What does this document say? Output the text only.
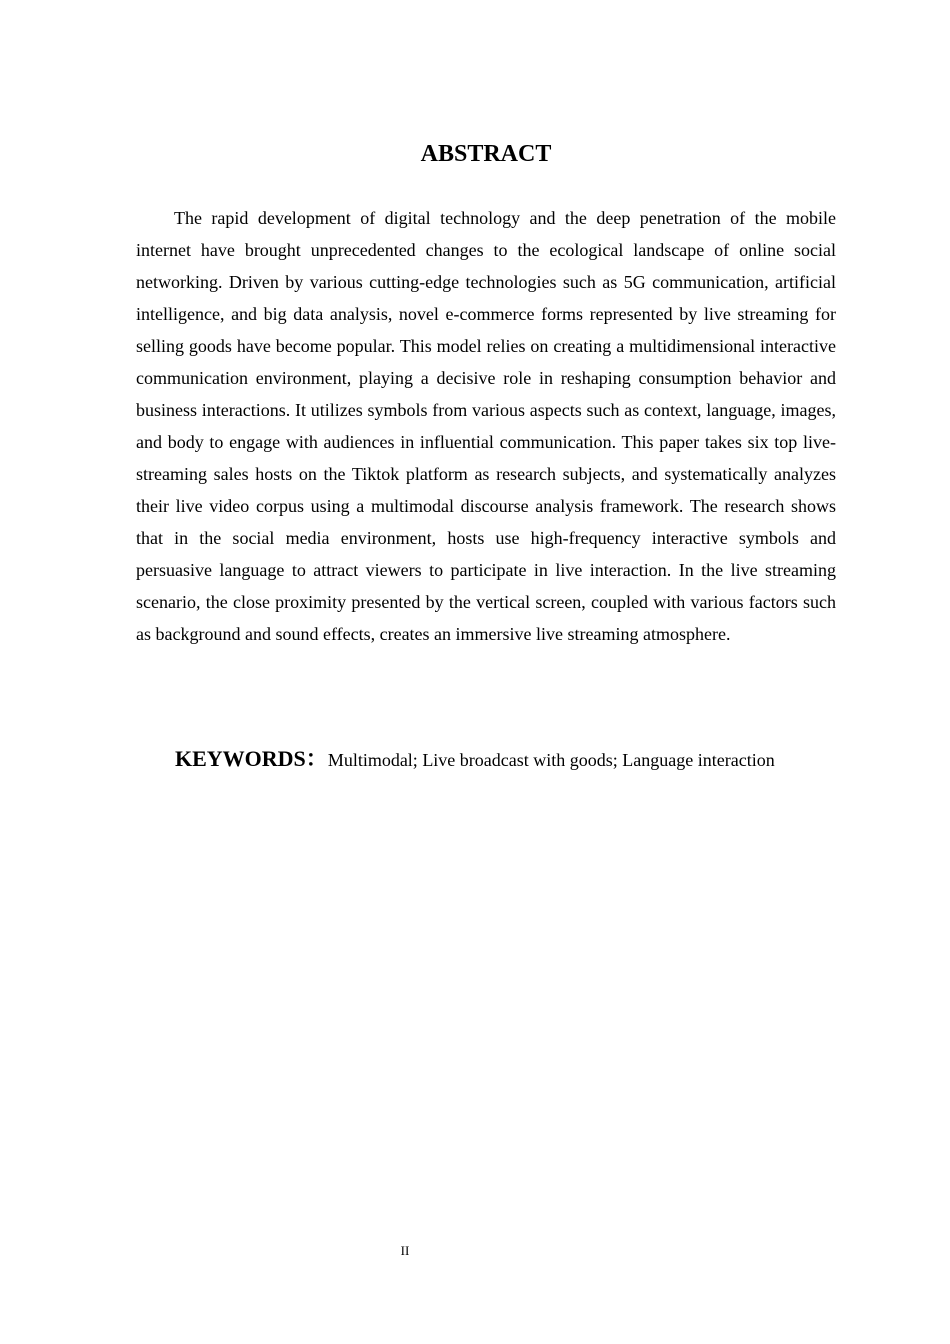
ABSTRACT

The rapid development of digital technology and the deep penetration of the mobile internet have brought unprecedented changes to the ecological landscape of online social networking. Driven by various cutting-edge technologies such as 5G communication, artificial intelligence, and big data analysis, novel e-commerce forms represented by live streaming for selling goods have become popular. This model relies on creating a multidimensional interactive communication environment, playing a decisive role in reshaping consumption behavior and business interactions. It utilizes symbols from various aspects such as context, language, images, and body to engage with audiences in influential communication. This paper takes six top live-streaming sales hosts on the Tiktok platform as research subjects, and systematically analyzes their live video corpus using a multimodal discourse analysis framework. The research shows that in the social media environment, hosts use high-frequency interactive symbols and persuasive language to attract viewers to participate in live interaction. In the live streaming scenario, the close proximity presented by the vertical screen, coupled with various factors such as background and sound effects, creates an immersive live streaming atmosphere.

KEYWORDS：Multimodal; Live broadcast with goods; Language interaction
II
